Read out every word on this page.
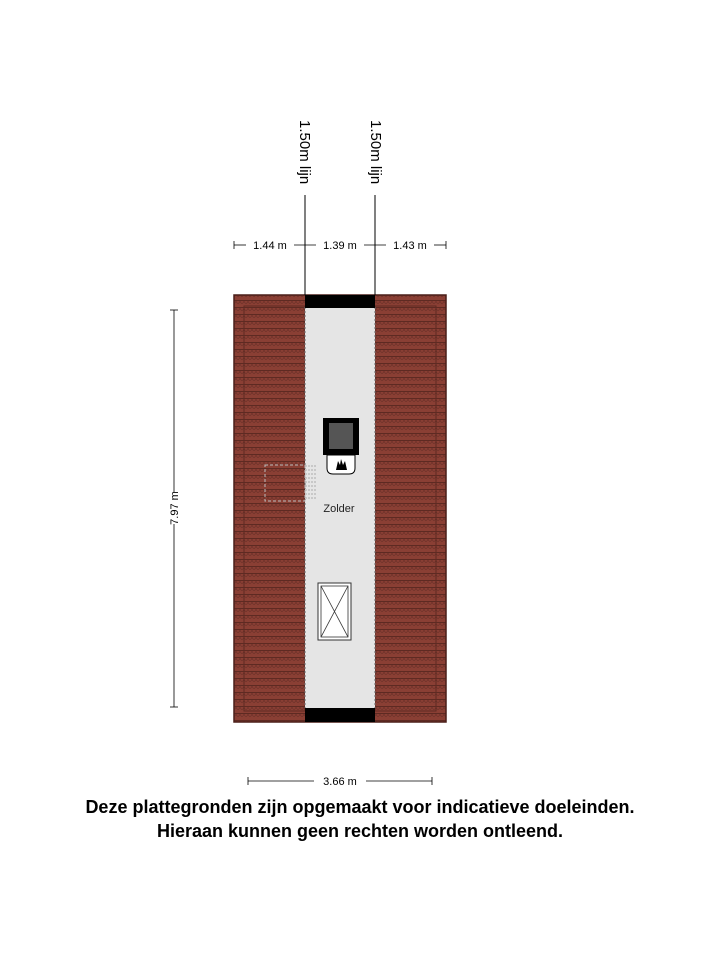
1.50m lijn	1.50m lijn
1.44 m	1.39 m	1.43 m
7.97 m
3.66 m
Zolder
Deze plattegronden zijn opgemaakt voor indicatieve doeleinden.
Hieraan kunnen geen rechten worden ontleend.
